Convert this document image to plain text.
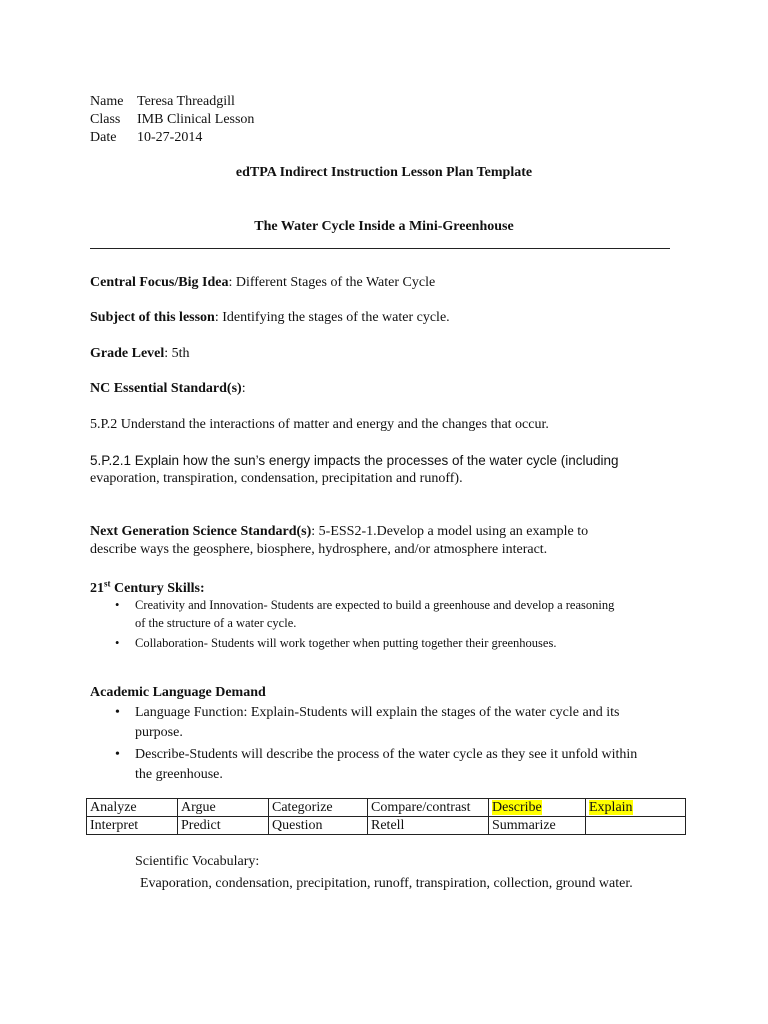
Name Teresa Threadgill
Class IMB Clinical Lesson
Date 10-27-2014
edTPA Indirect Instruction Lesson Plan Template
The Water Cycle Inside a Mini-Greenhouse
Central Focus/Big Idea: Different Stages of the Water Cycle
Subject of this lesson: Identifying the stages of the water cycle.
Grade Level: 5th
NC Essential Standard(s):
5.P.2 Understand the interactions of matter and energy and the changes that occur.
5.P.2.1 Explain how the sun’s energy impacts the processes of the water cycle (including
evaporation, transpiration, condensation, precipitation and runoff).
Next Generation Science Standard(s): 5-ESS2-1.Develop a model using an example to
describe ways the geosphere, biosphere, hydrosphere, and/or atmosphere interact.
21st Century Skills:
• Creativity and Innovation- Students are expected to build a greenhouse and develop a reasoning
of the structure of a water cycle.
• Collaboration- Students will work together when putting together their greenhouses.
Academic Language Demand
• Language Function: Explain-Students will explain the stages of the water cycle and its
purpose.
• Describe-Students will describe the process of the water cycle as they see it unfold within
the greenhouse.
Analyze	Argue	Categorize	Compare/contrast	Describe	Explain
Interpret	Predict	Question	Retell	Summarize	
Scientific Vocabulary:
Evaporation, condensation, precipitation, runoff, transpiration, collection, ground water.
